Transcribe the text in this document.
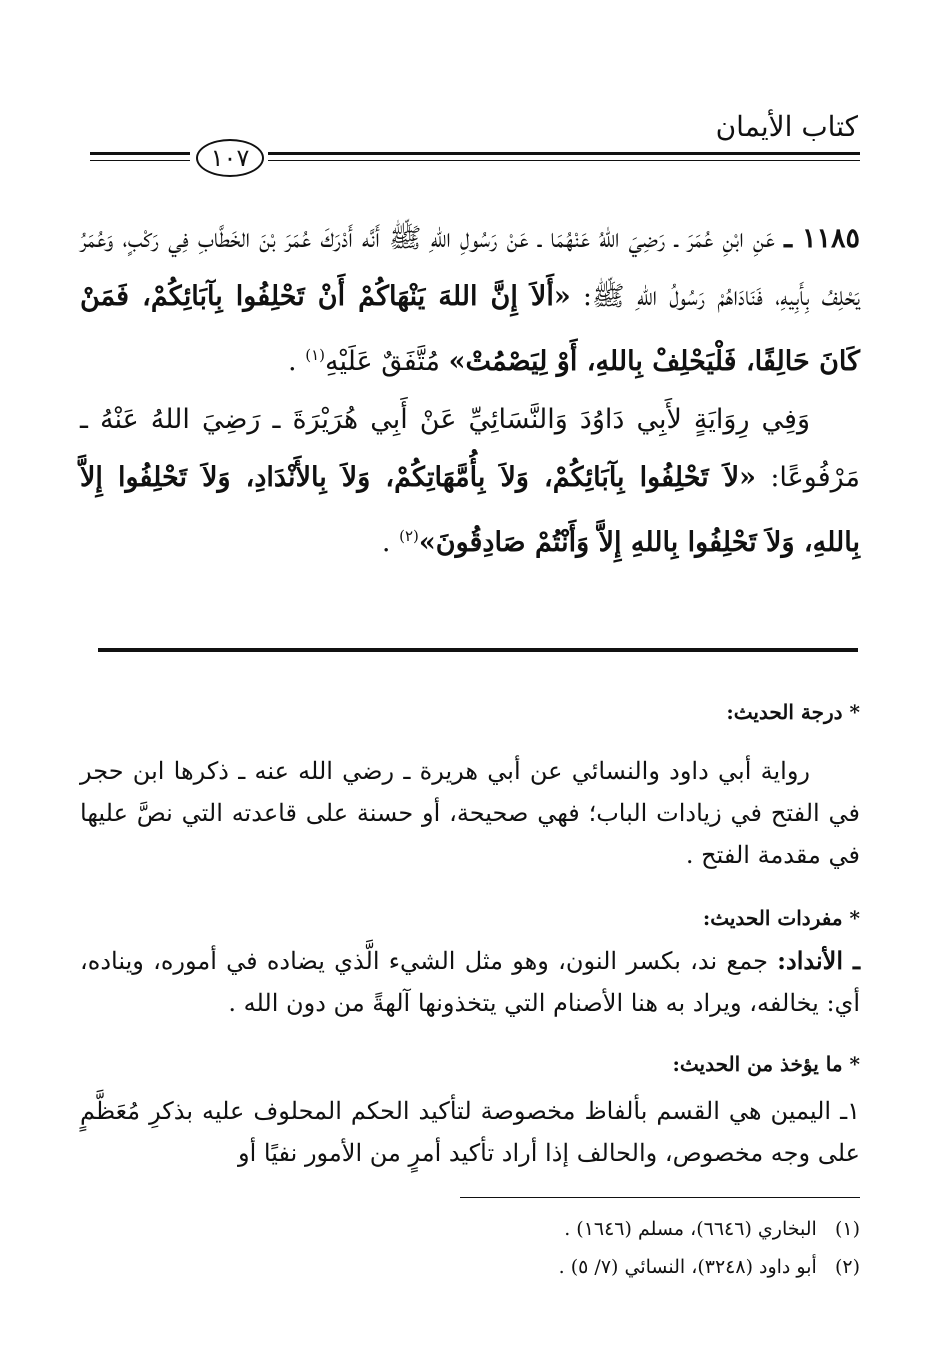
كتاب الأيمان
١٠٧

١١٨٥ ـ عَنِ ابْنِ عُمَرَ ـ رَضِيَ اللهُ عَنْهُمَا ـ عَنْ رَسُولِ اللهِ ﷺ أَنَّه أَدْرَكَ عُمَرَ بْنَ الخَطَّابِ فِي رَكْبٍ، وَعُمَرُ يَحْلِفُ بِأَبِيهِ، فَنَادَاهُمْ رَسُولُ اللهِ ﷺ: «أَلاَ إِنَّ اللهَ يَنْهَاكُمْ أَنْ تَحْلِفُوا بِآبَائِكُمْ، فَمَنْ كَانَ حَالِفًا، فَلْيَحْلِفْ بِاللهِ، أَوْ لِيَصْمُتْ» مُتَّفَقٌ عَلَيْهِ$^{(١)}$ .

وَفِي رِوَايَةٍ لأَبِي دَاوُدَ وَالنَّسَائِيِّ عَنْ أَبِي هُرَيْرَةَ ـ رَضِيَ اللهُ عَنْهُ ـ مَرْفُوعًا: «لاَ تَحْلِفُوا بِآبَائِكُمْ، وَلاَ بِأُمَّهَاتِكُمْ، وَلاَ بِالأَنْدَادِ، وَلاَ تَحْلِفُوا إِلاَّ بِاللهِ، وَلاَ تَحْلِفُوا بِاللهِ إِلاَّ وَأَنْتُمْ صَادِقُونَ»$^{(٢)}$ .

* درجة الحديث:

رواية أبي داود والنسائي عن أبي هريرة ـ رضي الله عنه ـ ذكرها ابن حجر في الفتح في زيادات الباب؛ فهي صحيحة، أو حسنة على قاعدته التي نصَّ عليها في مقدمة الفتح .

* مفردات الحديث:

ـ الأنداد: جمع ند، بكسر النون، وهو مثل الشيء الَّذي يضاده في أموره، ويناده، أي: يخالفه، ويراد به هنا الأصنام التي يتخذونها آلهةً من دون الله .

* ما يؤخذ من الحديث:

١ـ اليمين هي القسم بألفاظ مخصوصة لتأكيد الحكم المحلوف عليه بذكرِ مُعَظَّمٍ على وجه مخصوص، والحالف إذا أراد تأكيد أمرٍ من الأمور نفيًا أو

(١)   البخاري (٦٦٤٦)، مسلم (١٦٤٦) .

(٢)   أبو داود (٣٢٤٨)، النسائي (٧/ ٥) .
